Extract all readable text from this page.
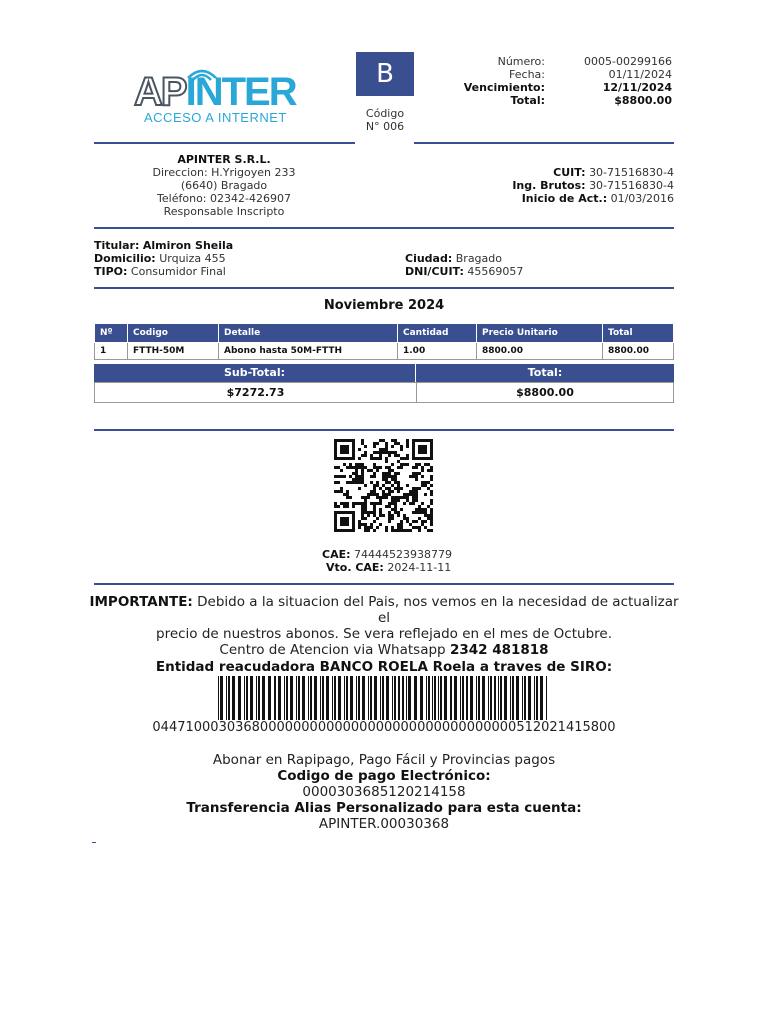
APINTER
ACCESO A INTERNET
B
Código
N° 006
Número:	0005-00299166
Fecha:	01/11/2024
Vencimiento:	12/11/2024
Total:	$8800.00
APINTER S.R.L.
Direccion: H.Yrigoyen 233
(6640) Bragado
Teléfono: 02342-426907
Responsable Inscripto
CUIT: 30-71516830-4
Ing. Brutos: 30-71516830-4
Inicio de Act.: 01/03/2016
Titular: Almiron Sheila
Domicilio: Urquiza 455
TIPO: Consumidor Final
Ciudad: Bragado
DNI/CUIT: 45569057
Noviembre 2024
Nº	Codigo	Detalle	Cantidad	Precio Unitario	Total
1	FTTH-50M	Abono hasta 50M-FTTH	1.00	8800.00	8800.00
Sub-Total:	Total:
$7272.73	$8800.00
CAE: 74444523938779
Vto. CAE: 2024-11-11
IMPORTANTE: Debido a la situacion del Pais, nos vemos en la necesidad de actualizar el
precio de nuestros abonos. Se vera reflejado en el mes de Octubre.
Centro de Atencion via Whatsapp 2342 481818
Entidad reacudadora BANCO ROELA Roela a traves de SIRO:
04471000303680000000000000000000000000000000512021415800
Abonar en Rapipago, Pago Fácil y Provincias pagos
Codigo de pago Electrónico:
0000303685120214158
Transferencia Alias Personalizado para esta cuenta:
APINTER.00030368
